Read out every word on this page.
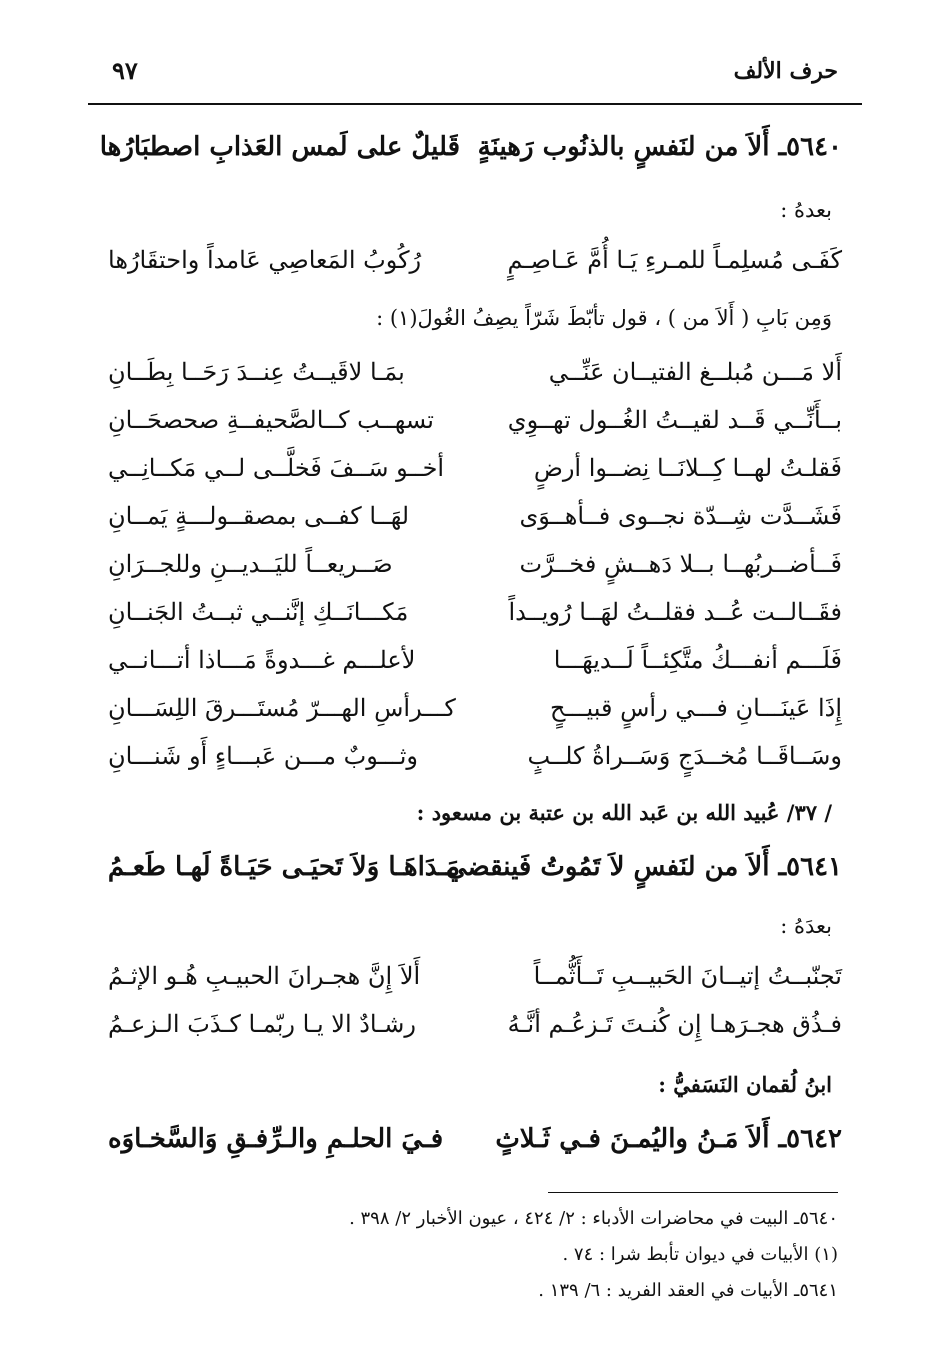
حرف الألف
٩٧
٥٦٤٠ـ أَلاَ من لنَفسٍ بالذنُوب رَهينَةٍ
قَليلٌ على لَمس العَذابِ اصطبَارُها
بعدهُ :
كَفَـى مُسلِمـاً للمـرءِ يَـا أُمَّ عَـاصِـمٍ
رُكُوبُ المَعاصِي عَامداً واحتقَارُها
وَمِن بَابِ ( أَلاَ من ) ، قول تأبّطَ شَرّاً يصِفُ الغُولَ(١) :
أَلا مَـــن مُبلــغ الفتيــان عَنِّــي
بمَـا لاقَيــتُ عِنــدَ رَحَــا بِطَــانِ
بــأَنِّــي قَــد لقيــتُ الغُــول تهــوِي
تسهــب كــالصَّحيفــةِ صحصحَــانِ
فَقلـتُ لهــا كِــلانَــا نِضــوا أرضٍ
أخــو سَــفَ فَخلَّــى لــي مَكــانِــي
فَشَــدَّت شِــدّة نجــوى فــأهــوَى
لهَــا كفــى بمصقــولـــةٍ يَمــانِ
فَــأضــربُهــا بــلا دَهــشٍ فخــرَّت
صَــريعــاً لليَــديــنِ وللجــرَانِ
فقَــالــت عُــد فقلــتُ لهَــا رُويــداً
مَكـــانَــكِ إنَّنــي ثبــتُ الجَنــانِ
فَلَـــم أنفـــكُ متَّكِئــاً لَــديهَـــا
لأعلـــم غـــدوةً مَـــاذا أتـــانــي
إِذَا عَينَـــانِ فـــي رأسٍ قبيـــحٍ
كـــرأسِ الهـــرّ مُستَـــرقَ اللِسَـــانِ
وسَــاقَــا مُخــدَجٍ وَسَــراةُ كلــبٍ
وثـــوبٌ مـــن عَبـــاءٍ أَو شَنـــانِ
/ ٣٧/ عُبيد الله بن عَبد الله بن عتبة بن مسعود :
٥٦٤١ـ أَلاَ من لنَفسٍ لاَ تَمُوتُ فَينقضي
مَـدَاهَـا وَلاَ تَحيَـى حَيَـاةً لَهـا طَعـمُ
بعدَهُ :
تَجنّبــتُ إتيــانَ الحَبيــبِ تَــأَثُّمــاً
أَلاَ إِنَّ هجـرانَ الحبيـبِ هُـو الإثـمُ
فـذُق هجـرَهـا إِن كُنـتَ تَـزعُـم أنَّـهُ
رشـادٌ الا يـا ربّمـا كـذَبَ الـزعـمُ
ابنُ لُقمان النَسَفيُّ :
٥٦٤٢ـ أَلاَ مَـنُ واليُمـنَ فـي ثَـلاثٍ
فـيَ الحلـمِ والـرِّفـقِ وَالسَّخـاوَه
٥٦٤٠ـ البيت في محاضرات الأدباء : ٢/ ٤٢٤ ، عيون الأخبار ٢/ ٣٩٨ .
(١) الأبيات في ديوان تأبط شرا : ٧٤ .
٥٦٤١ـ الأبيات في العقد الفريد : ٦/ ١٣٩ .
